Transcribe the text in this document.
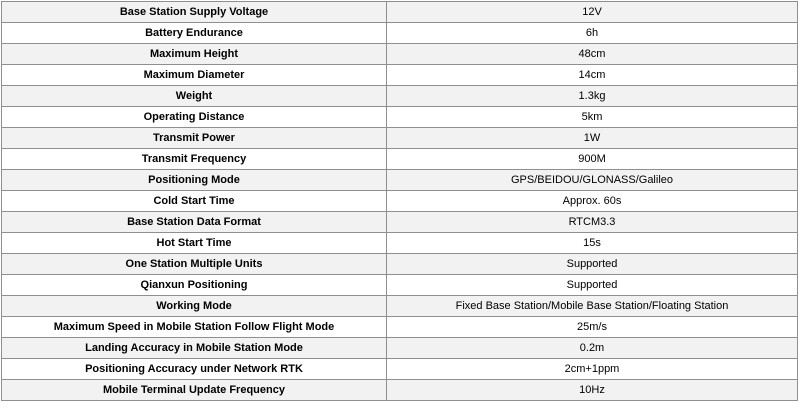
Base Station Supply Voltage	12V
Battery Endurance	6h
Maximum Height	48cm
Maximum Diameter	14cm
Weight	1.3kg
Operating Distance	5km
Transmit Power	1W
Transmit Frequency	900M
Positioning Mode	GPS/BEIDOU/GLONASS/Galileo
Cold Start Time	Approx. 60s
Base Station Data Format	RTCM3.3
Hot Start Time	15s
One Station Multiple Units	Supported
Qianxun Positioning	Supported
Working Mode	Fixed Base Station/Mobile Base Station/Floating Station
Maximum Speed in Mobile Station Follow Flight Mode	25m/s
Landing Accuracy in Mobile Station Mode	0.2m
Positioning Accuracy under Network RTK	2cm+1ppm
Mobile Terminal Update Frequency	10Hz
